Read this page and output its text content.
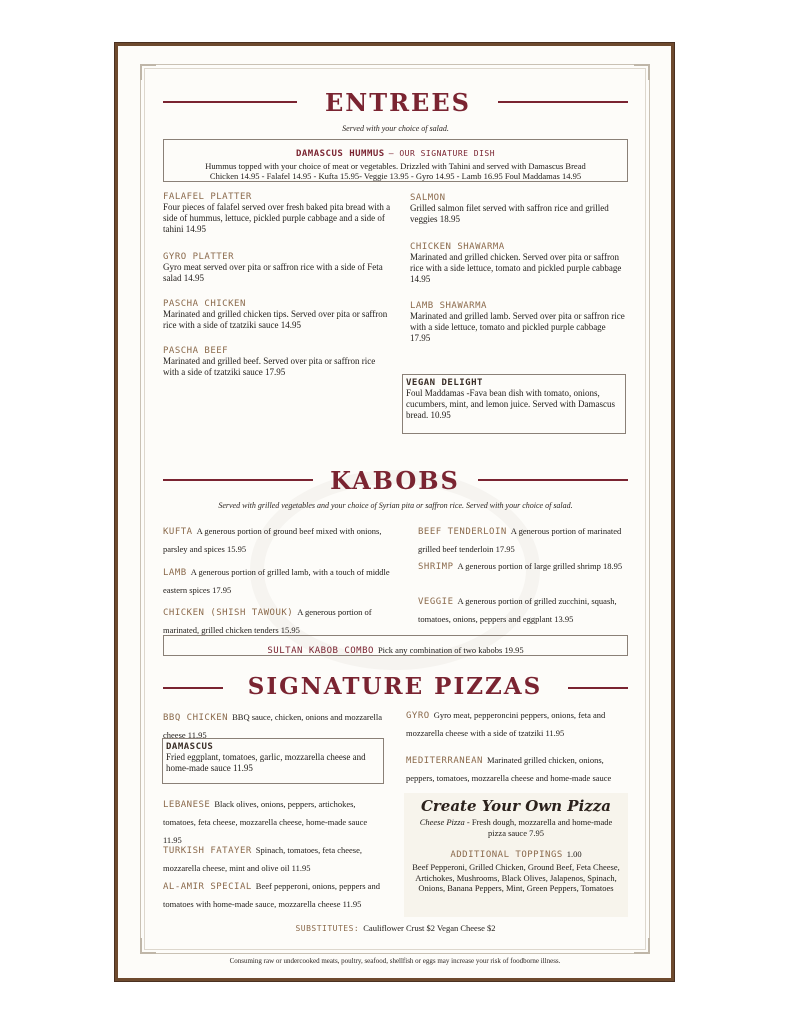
ENTREES
Served with your choice of salad.
DAMASCUS HUMMUS – OUR SIGNATURE DISH
Hummus topped with your choice of meat or vegetables. Drizzled with Tahini and served with Damascus Bread
Chicken 14.95 - Falafel 14.95 - Kufta 15.95- Veggie 13.95 - Gyro 14.95 - Lamb 16.95 Foul Maddamas 14.95
FALAFEL PLATTER
Four pieces of falafel served over fresh baked pita bread with a side of hummus, lettuce, pickled purple cabbage and a side of tahini 14.95
GYRO PLATTER
Gyro meat served over pita or saffron rice with a side of Feta salad 14.95
PASCHA CHICKEN
Marinated and grilled chicken tips. Served over pita or saffron rice with a side of tzatziki sauce 14.95
PASCHA BEEF
Marinated and grilled beef. Served over pita or saffron rice with a side of tzatziki sauce 17.95
SALMON
Grilled salmon filet served with saffron rice and grilled veggies 18.95
CHICKEN SHAWARMA
Marinated and grilled chicken. Served over pita or saffron rice with a side lettuce, tomato and pickled purple cabbage 14.95
LAMB SHAWARMA
Marinated and grilled lamb. Served over pita or saffron rice with a side lettuce, tomato and pickled purple cabbage 17.95
VEGAN DELIGHT
Foul Maddamas -Fava bean dish with tomato, onions, cucumbers, mint, and lemon juice. Served with Damascus bread. 10.95
KABOBS
Served with grilled vegetables and your choice of Syrian pita or saffron rice. Served with your choice of salad.
KUFTA A generous portion of ground beef mixed with onions, parsley and spices 15.95
LAMB A generous portion of grilled lamb, with a touch of middle eastern spices 17.95
CHICKEN (SHISH TAWOUK) A generous portion of marinated, grilled chicken tenders 15.95
BEEF TENDERLOIN A generous portion of marinated grilled beef tenderloin 17.95
SHRIMP A generous portion of large grilled shrimp 18.95
VEGGIE A generous portion of grilled zucchini, squash, tomatoes, onions, peppers and eggplant 13.95
SULTAN KABOB COMBO Pick any combination of two kabobs 19.95
SIGNATURE PIZZAS
BBQ CHICKEN BBQ sauce, chicken, onions and mozzarella cheese 11.95
DAMASCUS
Fried eggplant, tomatoes, garlic, mozzarella cheese and home-made sauce 11.95
LEBANESE Black olives, onions, peppers, artichokes, tomatoes, feta cheese, mozzarella cheese, home-made sauce 11.95
TURKISH FATAYER Spinach, tomatoes, feta cheese, mozzarella cheese, mint and olive oil 11.95
AL-AMIR SPECIAL Beef pepperoni, onions, peppers and tomatoes with home-made sauce, mozzarella cheese 11.95
GYRO Gyro meat, pepperoncini peppers, onions, feta and mozzarella cheese with a side of tzatziki 11.95
MEDITERRANEAN Marinated grilled chicken, onions, peppers, tomatoes, mozzarella cheese and home-made sauce
Create Your Own Pizza
Cheese Pizza - Fresh dough, mozzarella and home-made pizza sauce 7.95
ADDITIONAL TOPPINGS 1.00
Beef Pepperoni, Grilled Chicken, Ground Beef, Feta Cheese, Artichokes, Mushrooms, Black Olives, Jalapenos, Spinach, Onions, Banana Peppers, Mint, Green Peppers, Tomatoes
SUBSTITUTES: Cauliflower Crust $2 Vegan Cheese $2
Consuming raw or undercooked meats, poultry, seafood, shellfish or eggs may increase your risk of foodborne illness.
